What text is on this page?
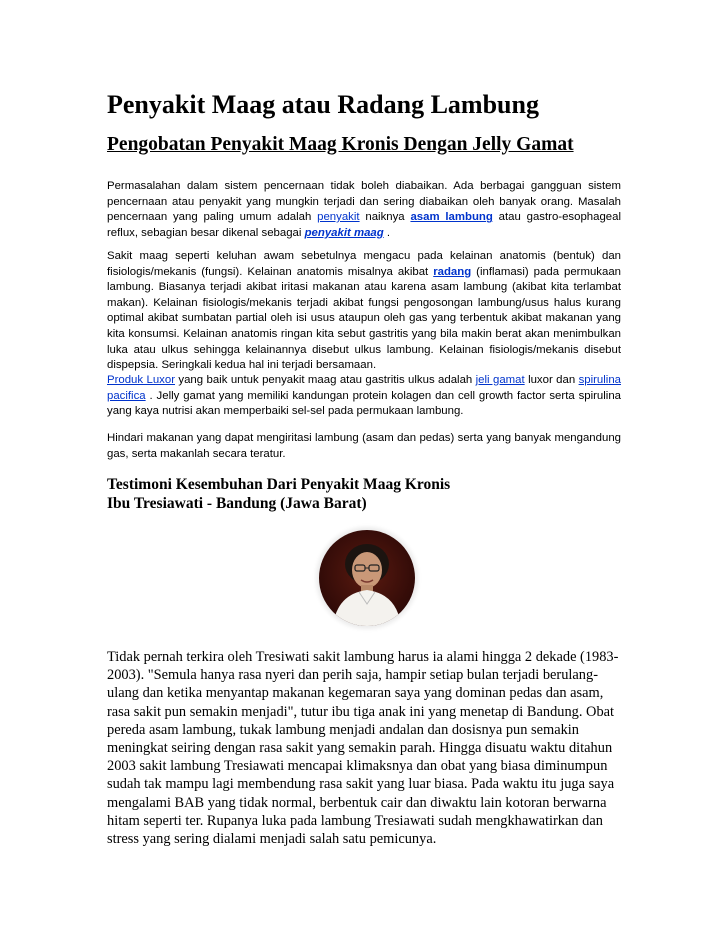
Penyakit Maag atau Radang Lambung
Pengobatan Penyakit Maag Kronis Dengan Jelly Gamat
Permasalahan dalam sistem pencernaan tidak boleh diabaikan. Ada berbagai gangguan sistem pencernaan atau penyakit yang mungkin terjadi dan sering diabaikan oleh banyak orang. Masalah pencernaan yang paling umum adalah penyakit naiknya asam lambung atau gastro-esophageal reflux, sebagian besar dikenal sebagai penyakit maag .
Sakit maag seperti keluhan awam sebetulnya mengacu pada kelainan anatomis (bentuk) dan fisiologis/mekanis (fungsi). Kelainan anatomis misalnya akibat radang (inflamasi) pada permukaan lambung. Biasanya terjadi akibat iritasi makanan atau karena asam lambung (akibat kita terlambat makan). Kelainan fisiologis/mekanis terjadi akibat fungsi pengosongan lambung/usus halus kurang optimal akibat sumbatan partial oleh isi usus ataupun oleh gas yang terbentuk akibat makanan yang kita konsumsi. Kelainan anatomis ringan kita sebut gastritis yang bila makin berat akan menimbulkan luka atau ulkus sehingga kelainannya disebut ulkus lambung. Kelainan fisiologis/mekanis disebut dispepsia. Seringkali kedua hal ini terjadi bersamaan.
Produk Luxor yang baik untuk penyakit maag atau gastritis ulkus adalah jeli gamat luxor dan spirulina pacifica . Jelly gamat yang memiliki kandungan protein kolagen dan cell growth factor serta spirulina yang kaya nutrisi akan memperbaiki sel-sel pada permukaan lambung.
Hindari makanan yang dapat mengiritasi lambung (asam dan pedas) serta yang banyak mengandung gas, serta makanlah secara teratur.
Testimoni Kesembuhan Dari Penyakit Maag Kronis
Ibu Tresiawati - Bandung (Jawa Barat)
Tidak pernah terkira oleh Tresiwati sakit lambung harus ia alami hingga 2 dekade (1983-2003). "Semula hanya rasa nyeri dan perih saja, hampir setiap bulan terjadi berulang-ulang dan ketika menyantap makanan kegemaran saya yang dominan pedas dan asam, rasa sakit pun semakin menjadi", tutur ibu tiga anak ini yang menetap di Bandung. Obat pereda asam lambung, tukak lambung menjadi andalan dan dosisnya pun semakin meningkat seiring dengan rasa sakit yang semakin parah. Hingga disuatu waktu ditahun 2003 sakit lambung Tresiawati mencapai klimaksnya dan obat yang biasa diminumpun sudah tak mampu lagi membendung rasa sakit yang luar biasa. Pada waktu itu juga saya mengalami BAB yang tidak normal, berbentuk cair dan diwaktu lain kotoran berwarna hitam seperti ter. Rupanya luka pada lambung Tresiawati sudah mengkhawatirkan dan stress yang sering dialami menjadi salah satu pemicunya.
